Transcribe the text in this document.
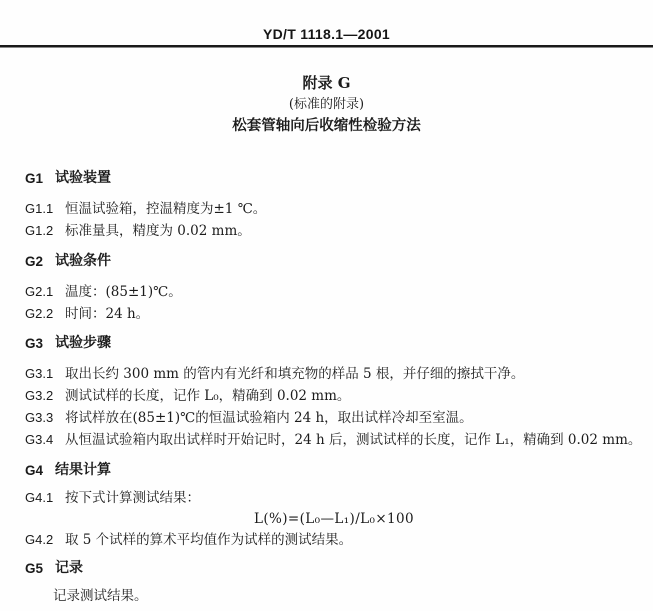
YD/T 1118.1—2001
附录 G
(标准的附录)
松套管轴向后收缩性检验方法
G1 试验装置
G1.1 恒温试验箱，控温精度为±1 ℃。
G1.2 标准量具，精度为 0.02 mm。
G2 试验条件
G2.1 温度：(85±1)℃。
G2.2 时间：24 h。
G3 试验步骤
G3.1 取出长约 300 mm 的管内有光纤和填充物的样品 5 根，并仔细的擦拭干净。
G3.2 测试试样的长度，记作 L₀，精确到 0.02 mm。
G3.3 将试样放在(85±1)℃的恒温试验箱内 24 h，取出试样冷却至室温。
G3.4 从恒温试验箱内取出试样时开始记时，24 h 后，测试试样的长度，记作 L₁，精确到 0.02 mm。
G4 结果计算
G4.1 按下式计算测试结果：
L(%)=(L₀—L₁)/L₀×100
G4.2 取 5 个试样的算术平均值作为试样的测试结果。
G5 记录
记录测试结果。
